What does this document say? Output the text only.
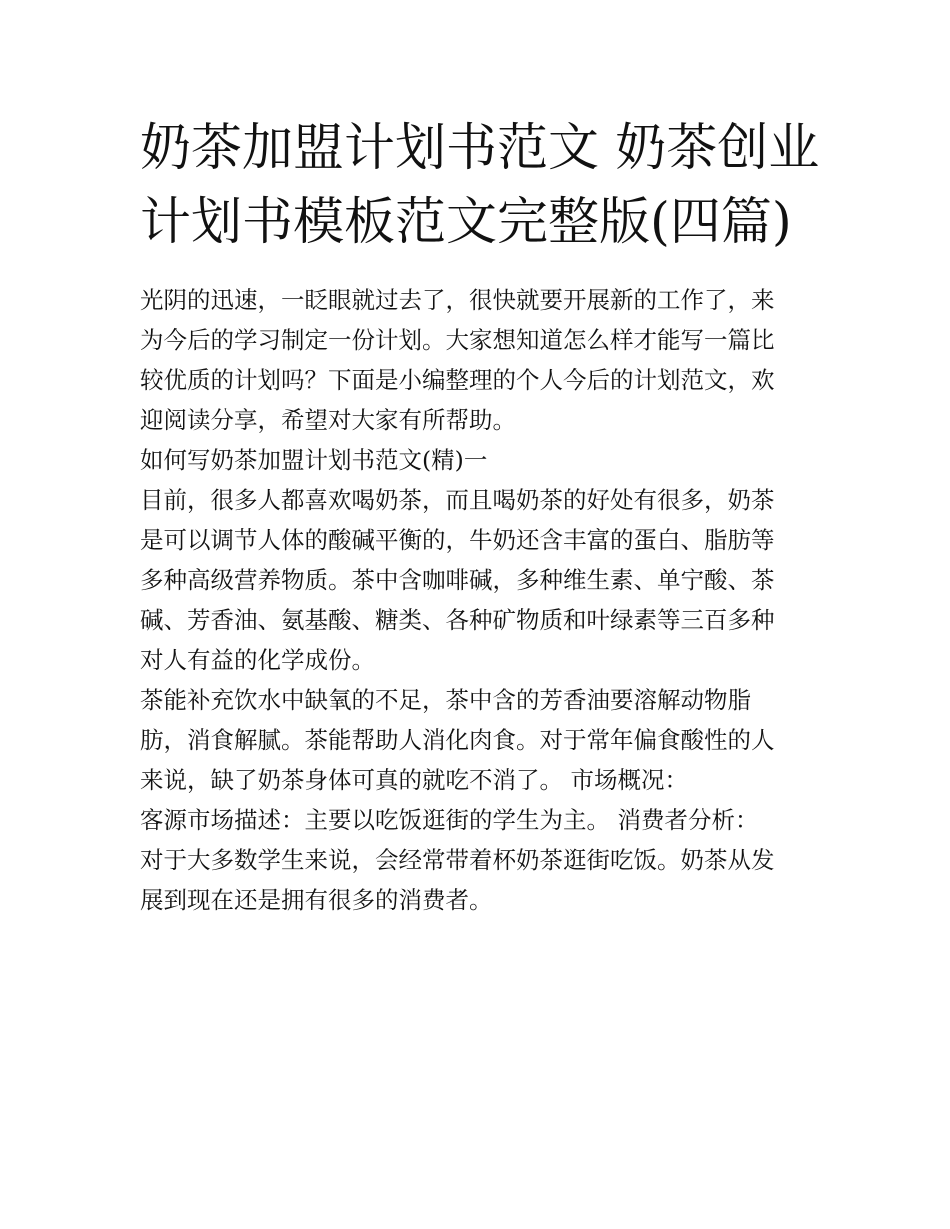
奶茶加盟计划书范文 奶茶创业
计划书模板范文完整版(四篇)

光阴的迅速，一眨眼就过去了，很快就要开展新的工作了，来
为今后的学习制定一份计划。大家想知道怎么样才能写一篇比
较优质的计划吗？下面是小编整理的个人今后的计划范文，欢
迎阅读分享，希望对大家有所帮助。

如何写奶茶加盟计划书范文(精)一

目前，很多人都喜欢喝奶茶，而且喝奶茶的好处有很多，奶茶
是可以调节人体的酸碱平衡的，牛奶还含丰富的蛋白、脂肪等
多种高级营养物质。茶中含咖啡碱，多种维生素、单宁酸、茶
碱、芳香油、氨基酸、糖类、各种矿物质和叶绿素等三百多种
对人有益的化学成份。

茶能补充饮水中缺氧的不足，茶中含的芳香油要溶解动物脂
肪，消食解腻。茶能帮助人消化肉食。对于常年偏食酸性的人
来说，缺了奶茶身体可真的就吃不消了。 市场概况：

客源市场描述：主要以吃饭逛街的学生为主。 消费者分析：

对于大多数学生来说，会经常带着杯奶茶逛街吃饭。奶茶从发
展到现在还是拥有很多的消费者。
